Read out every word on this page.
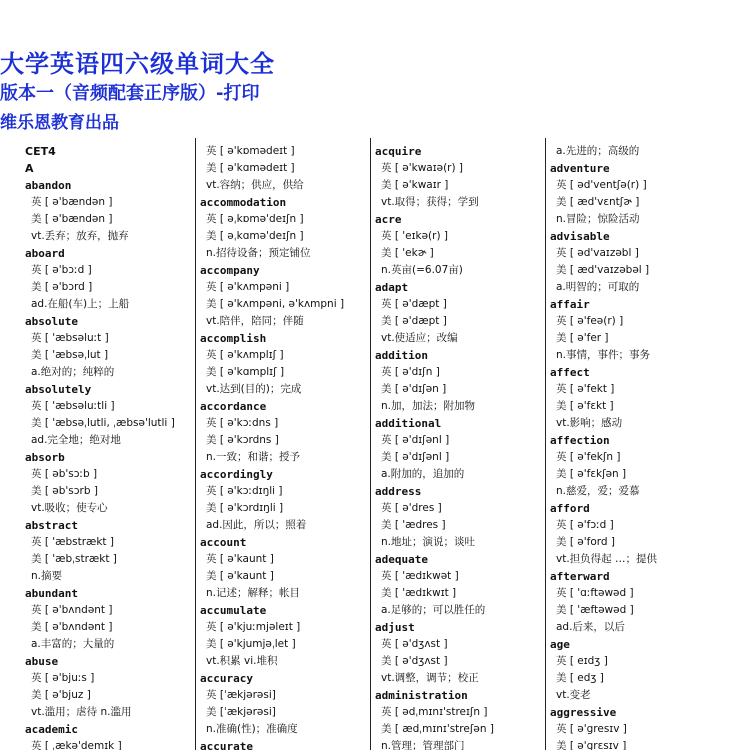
大学英语四六级单词大全
版本一（音频配套正序版）-打印
维乐恩教育出品
CET4
A
abandon
英 [ ə'bændən ]
美 [ ə'bændən ]
vt.丢弃；放弃，抛弃
aboard
英 [ ə'bɔːd ]
美 [ ə'bɔrd ]
ad.在船(车)上；上船
absolute
英 [ 'æbsəluːt ]
美 [ 'æbsəˌlut ]
a.绝对的；纯粹的
absolutely
英 [ 'æbsəluːtli ]
美 [ 'æbsəˌlutli, ˌæbsə'lutli ]
ad.完全地；绝对地
absorb
英 [ əb'sɔːb ]
美 [ əb'sɔrb ]
vt.吸收；使专心
abstract
英 [ 'æbstrækt ]
美 [ 'æbˌstrækt ]
n.摘要
abundant
英 [ ə'bʌndənt ]
美 [ ə'bʌndənt ]
a.丰富的；大量的
abuse
英 [ ə'bjuːs ]
美 [ ə'bjuz ]
vt.滥用；虐待 n.滥用
academic
英 [ ˌækə'demɪk ]
英 [ ə'kɒmədeɪt ]
美 [ ə'kɑmədeɪt ]
vt.容纳；供应，供给
accommodation
英 [ əˌkɒmə'deɪʃn ]
美 [ əˌkɑmə'deɪʃn ]
n.招待设备；预定铺位
accompany
英 [ ə'kʌmpəni ]
美 [ ə'kʌmpəni, ə'kʌmpni ]
vt.陪伴，陪同；伴随
accomplish
英 [ ə'kʌmplɪʃ ]
美 [ ə'kɑmplɪʃ ]
vt.达到(目的)；完成
accordance
英 [ ə'kɔːdns ]
美 [ ə'kɔrdns ]
n.一致；和谐；授予
accordingly
英 [ ə'kɔːdɪŋli ]
美 [ ə'kɔrdɪŋli ]
ad.因此，所以；照着
account
英 [ ə'kaunt ]
美 [ ə'kaunt ]
n.记述；解释；帐目
accumulate
英 [ ə'kjuːmjəleɪt ]
美 [ ə'kjumjəˌlet ]
vt.积累 vi.堆积
accuracy
英 [ˈækjərəsi]
美 [ˈækjərəsi]
n.准确(性)；准确度
accurate
acquire
英 [ ə'kwaɪə(r) ]
美 [ ə'kwaɪr ]
vt.取得；获得；学到
acre
英 [ 'eɪkə(r) ]
美 [ 'ekɚ ]
n.英亩(=6.07亩)
adapt
英 [ ə'dæpt ]
美 [ ə'dæpt ]
vt.使适应；改编
addition
英 [ ə'dɪʃn ]
美 [ ə'dɪʃən ]
n.加，加法；附加物
additional
英 [ ə'dɪʃənl ]
美 [ ə'dɪʃənl ]
a.附加的，追加的
address
英 [ ə'dres ]
美 [ 'ædres ]
n.地址；演说；谈吐
adequate
英 [ 'ædɪkwət ]
美 [ 'ædɪkwɪt ]
a.足够的；可以胜任的
adjust
英 [ ə'dʒʌst ]
美 [ ə'dʒʌst ]
vt.调整，调节；校正
administration
英 [ ədˌmɪnɪ'streɪʃn ]
美 [ ædˌmɪnɪ'streʃən ]
n.管理；管理部门
a.先进的；高级的
adventure
英 [ əd'ventʃə(r) ]
美 [ æd'vɛntʃɚ ]
n.冒险；惊险活动
advisable
英 [ əd'vaɪzəbl ]
美 [ æd'vaɪzəbəl ]
a.明智的；可取的
affair
英 [ ə'feə(r) ]
美 [ ə'fer ]
n.事情，事件；事务
affect
英 [ ə'fekt ]
美 [ ə'fɛkt ]
vt.影响；感动
affection
英 [ ə'fekʃn ]
美 [ ə'fɛkʃən ]
n.慈爱，爱；爱慕
afford
英 [ ə'fɔːd ]
美 [ ə'ford ]
vt.担负得起 …；提供
afterward
英 [ 'ɑːftəwəd ]
美 [ 'æftəwəd ]
ad.后来，以后
age
英 [ eɪdʒ ]
美 [ edʒ ]
vt.变老
aggressive
英 [ ə'gresɪv ]
美 [ ə'grɛsɪv ]
